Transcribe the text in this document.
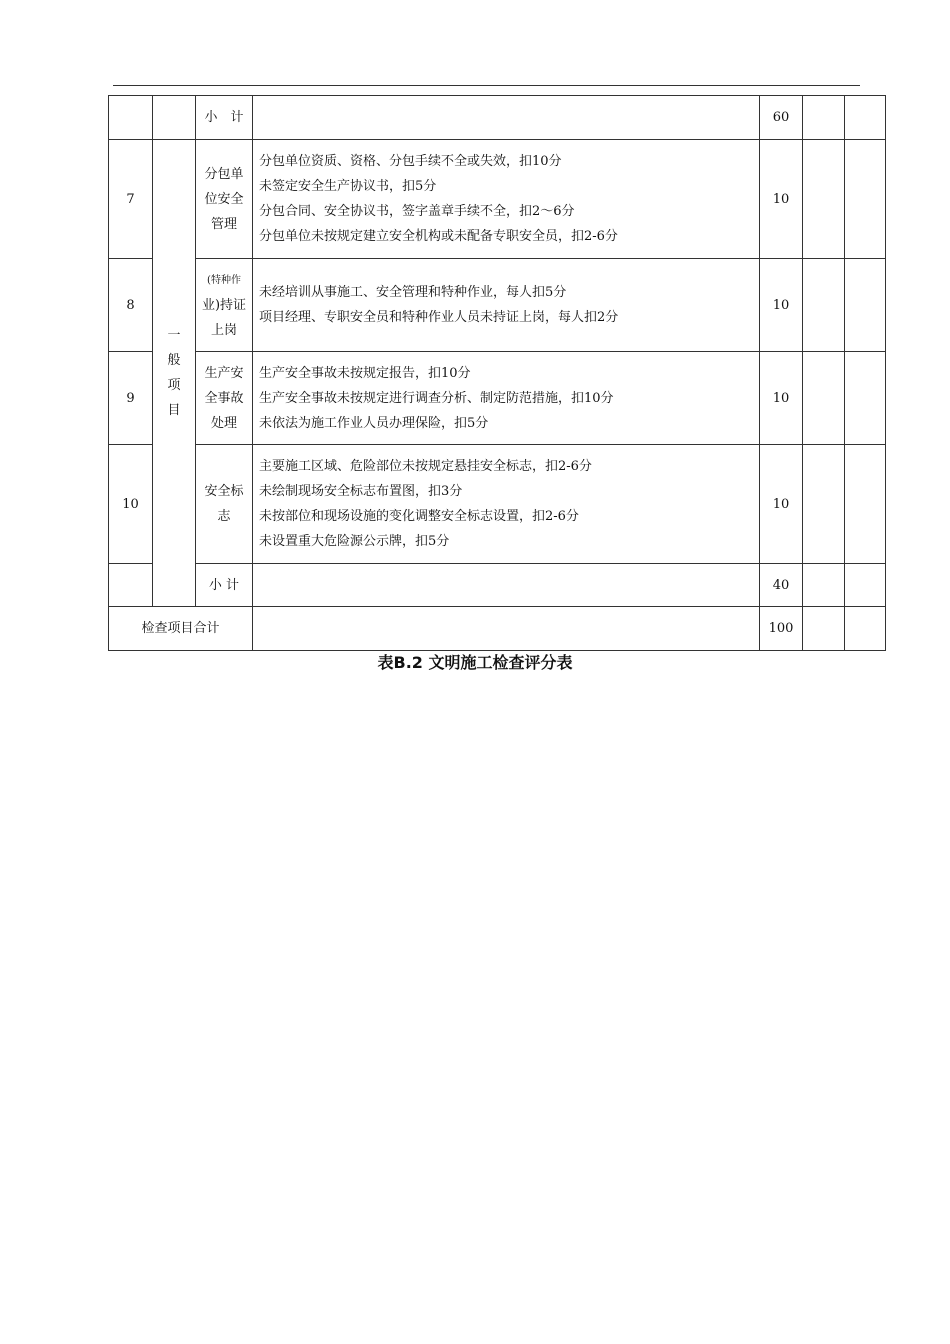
		小　计		60		
7	一
般
项
目	分包单
位安全
管理	分包单位资质、资格、分包手续不全或失效，扣10分
未签定安全生产协议书，扣5分
分包合同、安全协议书，签字盖章手续不全，扣2～6分
分包单位未按规定建立安全机构或未配备专职安全员，扣2-6分	10		
8		(特种作
业)持证
上岗	未经培训从事施工、安全管理和特种作业，每人扣5分
项目经理、专职安全员和特种作业人员未持证上岗，每人扣2分	10		
9		生产安
全事故
处理	生产安全事故未按规定报告，扣10分
生产安全事故未按规定进行调查分析、制定防范措施，扣10分
未依法为施工作业人员办理保险，扣5分	10		
10		安全标
志	主要施工区域、危险部位未按规定悬挂安全标志，扣2-6分
未绘制现场安全标志布置图，扣3分
未按部位和现场设施的变化调整安全标志设置，扣2-6分
未设置重大危险源公示牌，扣5分	10		
		小 计		40		
检查项目合计				100		
表B.2 文明施工检查评分表
